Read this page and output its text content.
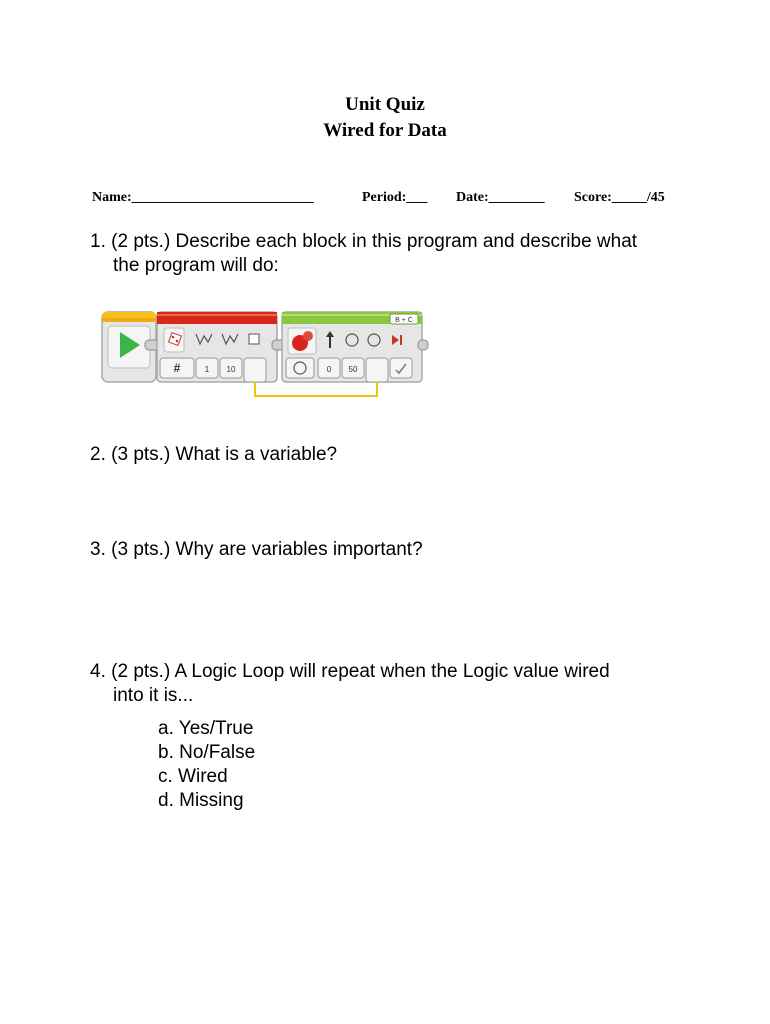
Unit Quiz
Wired for Data
Name:__________________________	Period:___ Date:________ Score:_____/45
1. (2 pts.) Describe each block in this program and describe what
the program will do:
#	1 10
B + C
0 50
2. (3 pts.) What is a variable?
3. (3 pts.) Why are variables important?
4. (2 pts.) A Logic Loop will repeat when the Logic value wired
into it is...
a. Yes/True
b. No/False
c. Wired
d. Missing
